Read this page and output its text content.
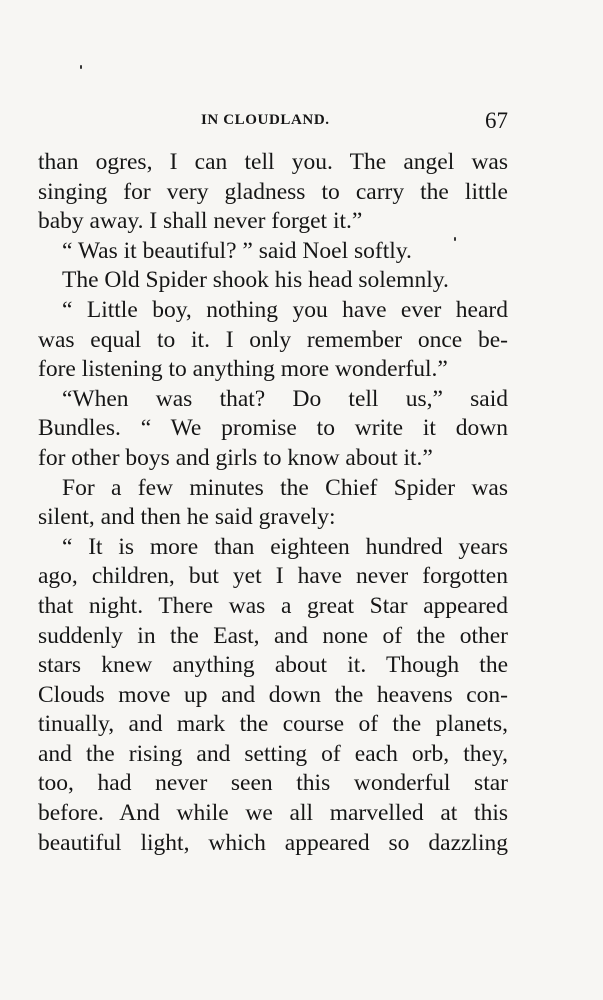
IN CLOUDLAND.	67
than ogres, I can tell you. The angel was
singing for very gladness to carry the little
baby away. I shall never forget it.”
“ Was it beautiful? ” said Noel softly.
The Old Spider shook his head solemnly.
“ Little boy, nothing you have ever heard
was equal to it. I only remember once be-
fore listening to anything more wonderful.”
“When was that? Do tell us,” said
Bundles. “ We promise to write it down
for other boys and girls to know about it.”
For a few minutes the Chief Spider was
silent, and then he said gravely:
“ It is more than eighteen hundred years
ago, children, but yet I have never forgotten
that night. There was a great Star appeared
suddenly in the East, and none of the other
stars knew anything about it. Though the
Clouds move up and down the heavens con-
tinually, and mark the course of the planets,
and the rising and setting of each orb, they,
too, had never seen this wonderful star
before. And while we all marvelled at this
beautiful light, which appeared so dazzling
